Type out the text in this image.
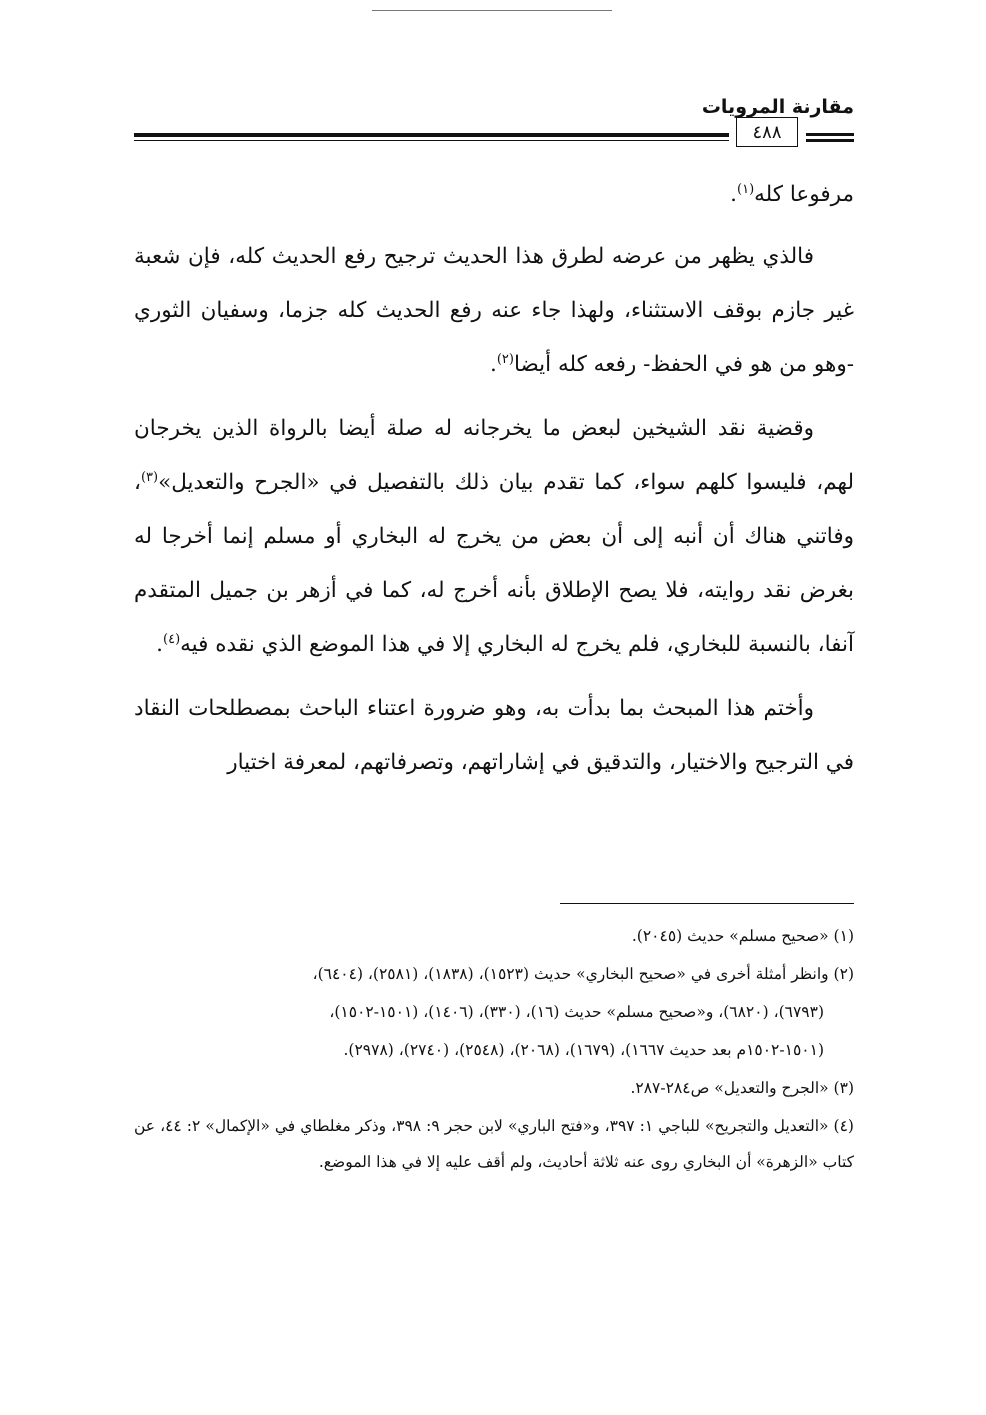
مقارنة المرويات
٤٨٨

مرفوعا كله$^{(١)}$.

فالذي يظهر من عرضه لطرق هذا الحديث ترجيح رفع الحديث كله، فإن شعبة غير جازم بوقف الاستثناء، ولهذا جاء عنه رفع الحديث كله جزما، وسفيان الثوري -وهو من هو في الحفظ- رفعه كله أيضا$^{(٢)}$.

وقضية نقد الشيخين لبعض ما يخرجانه له صلة أيضا بالرواة الذين يخرجان لهم، فليسوا كلهم سواء، كما تقدم بيان ذلك بالتفصيل في «الجرح والتعديل»$^{(٣)}$، وفاتني هناك أن أنبه إلى أن بعض من يخرج له البخاري أو مسلم إنما أخرجا له بغرض نقد روايته، فلا يصح الإطلاق بأنه أخرج له، كما في أزهر بن جميل المتقدم آنفا، بالنسبة للبخاري، فلم يخرج له البخاري إلا في هذا الموضع الذي نقده فيه$^{(٤)}$.

وأختم هذا المبحث بما بدأت به، وهو ضرورة اعتناء الباحث بمصطلحات النقاد في الترجيح والاختيار، والتدقيق في إشاراتهم، وتصرفاتهم، لمعرفة اختيار

(١) «صحيح مسلم» حديث (٢٠٤٥).

(٢) وانظر أمثلة أخرى في «صحيح البخاري» حديث (١٥٢٣)، (١٨٣٨)، (٢٥٨١)، (٦٤٠٤)،

(٦٧٩٣)، (٦٨٢٠)، و«صحيح مسلم» حديث (١٦)، (٣٣٠)، (١٤٠٦)، (١٥٠١-١٥٠٢)،

(١٥٠١-١٥٠٢م بعد حديث ١٦٦٧)، (١٦٧٩)، (٢٠٦٨)، (٢٥٤٨)، (٢٧٤٠)، (٢٩٧٨).

(٣) «الجرح والتعديل» ص٢٨٤-٢٨٧.

(٤) «التعديل والتجريح» للباجي ١: ٣٩٧، و«فتح الباري» لابن حجر ٩: ٣٩٨، وذكر مغلطاي في «الإكمال» ٢: ٤٤، عن كتاب «الزهرة» أن البخاري روى عنه ثلاثة أحاديث، ولم أقف عليه إلا في هذا الموضع.
